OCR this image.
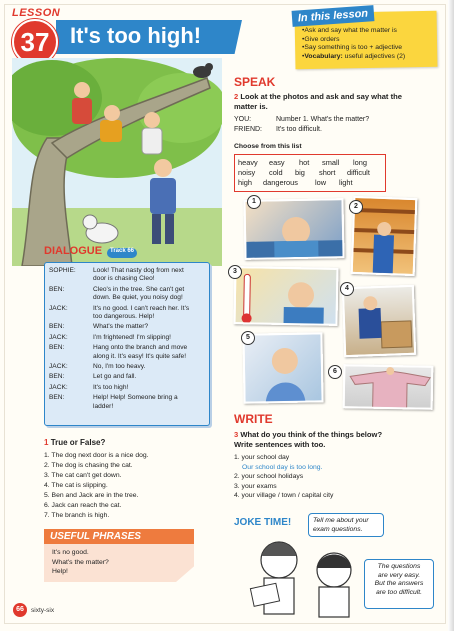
LESSON
37 It's too high!
In this lesson
• Ask and say what the matter is
• Give orders
• Say something is too + adjective
• Vocabulary: useful adjectives (2)
DIALOGUE	Track 66
SOPHIE:	Look! That nasty dog from next
door is chasing Cleo!
BEN:	Cleo's in the tree. She can't get
down. Be quiet, you noisy dog!
JACK:	It's no good. I can't reach her. It's
too dangerous. Help!
BEN:	What's the matter?
JACK:	I'm frightened! I'm slipping!
BEN:	Hang onto the branch and move
along it. It's easy! It's quite safe!
JACK:	No, I'm too heavy.
BEN:	Let go and fall.
JACK:	It's too high!
BEN:	Help! Help! Someone bring a
ladder!
1 True or False?
1. The dog next door is a nice dog.
2. The dog is chasing the cat.
3. The cat can't get down.
4. The cat is slipping.
5. Ben and Jack are in the tree.
6. Jack can reach the cat.
7. The branch is high.
USEFUL PHRASES
It's no good.
What's the matter?
Help!
66	sixty-six
SPEAK
2 Look at the photos and ask and say what the
matter is.
YOU:	Number 1. What's the matter?
FRIEND: It's too difficult.
Choose from this list
heavy easy hot small long
noisy cold big short difficult
high dangerous low light
1
2
3
4
5
6
WRITE
3 What do you think of the things below?
Write sentences with too.
1. your school day
Our school day is too long.
2. your school holidays
3. your exams
4. your village / town / capital city
JOKE TIME!	Tell me about your
exam questions.
The questions
are very easy.
But the answers
are too difficult.
